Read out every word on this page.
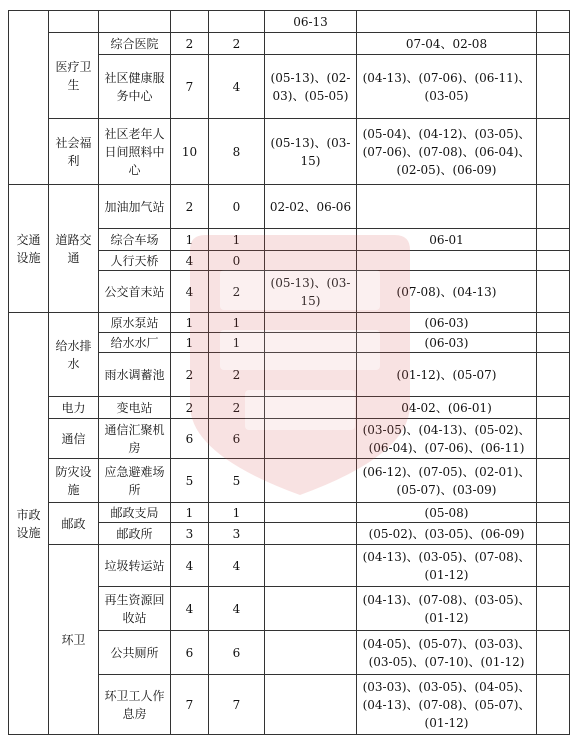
					06-13		
	医疗卫生	综合医院	2	2		07-04、02-08	
		社区健康服务中心	7	4	(05-13)、(02-03)、(05-05)	(04-13)、(07-06)、(06-11)、(03-05)	
	社会福利	社区老年人日间照料中心	10	8	(05-13)、(03-15)	(05-04)、(04-12)、(03-05)、(07-06)、(07-08)、(06-04)、(02-05)、(06-09)	
交通设施	道路交通	加油加气站	2	0	02-02、06-06		
		综合车场	1	1		06-01	
		人行天桥	4	0			
		公交首末站	4	2	(05-13)、(03-15)	(07-08)、(04-13)	
市政设施	给水排水	原水泵站	1	1		(06-03)	
		给水水厂	1	1		(06-03)	
		雨水调蓄池	2	2		(01-12)、(05-07)	
	电力	变电站	2	2		04-02、(06-01)	
	通信	通信汇聚机房	6	6		(03-05)、(04-13)、(05-02)、(06-04)、(07-06)、(06-11)	
	防灾设施	应急避难场所	5	5		(06-12)、(07-05)、(02-01)、(05-07)、(03-09)	
	邮政	邮政支局	1	1		(05-08)	
		邮政所	3	3		(05-02)、(03-05)、(06-09)	
	环卫	垃圾转运站	4	4		(04-13)、(03-05)、(07-08)、(01-12)	
		再生资源回收站	4	4		(04-13)、(07-08)、(03-05)、(01-12)	
		公共厕所	6	6		(04-05)、(05-07)、(03-03)、(03-05)、(07-10)、(01-12)	
		环卫工人作息房	7	7		(03-03)、(03-05)、(04-05)、(04-13)、(07-08)、(05-07)、(01-12)	
